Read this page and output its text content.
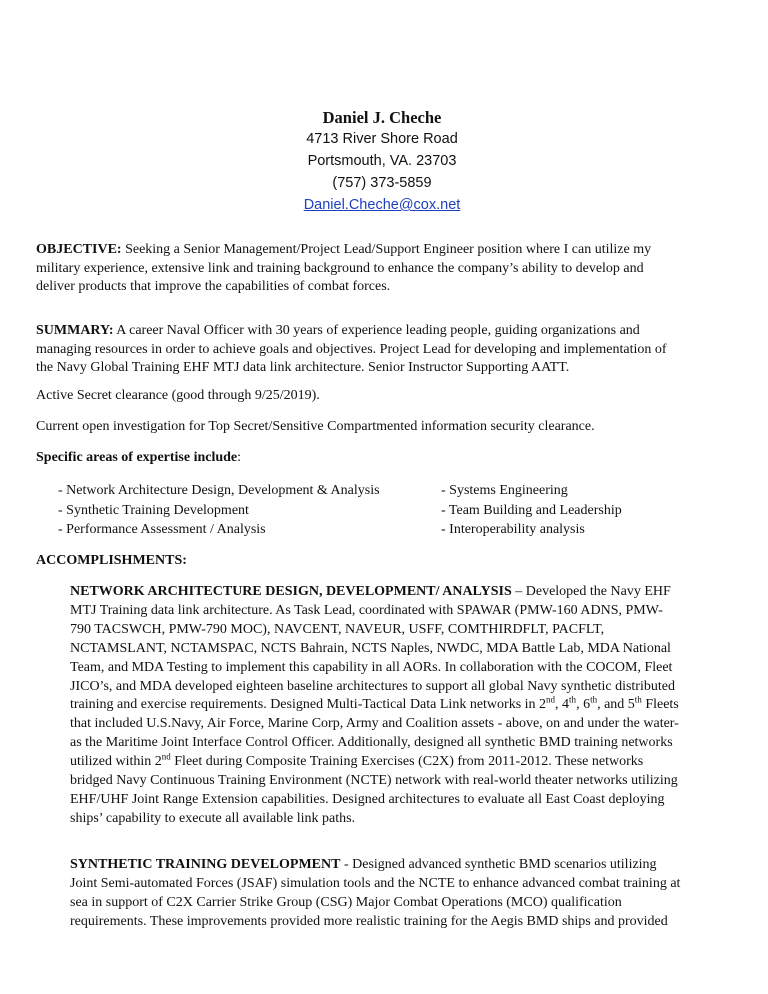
Daniel J. Cheche
4713 River Shore Road
Portsmouth, VA. 23703
(757) 373-5859
Daniel.Cheche@cox.net
OBJECTIVE: Seeking a Senior Management/Project Lead/Support Engineer position where I can utilize my
military experience, extensive link and training background to enhance the company’s ability to develop and
deliver products that improve the capabilities of combat forces.
SUMMARY: A career Naval Officer with 30 years of experience leading people, guiding organizations and
managing resources in order to achieve goals and objectives. Project Lead for developing and implementation of
the Navy Global Training EHF MTJ data link architecture. Senior Instructor Supporting AATT.
Active Secret clearance (good through 9/25/2019).
Current open investigation for Top Secret/Sensitive Compartmented information security clearance.
Specific areas of expertise include:
- Network Architecture Design, Development & Analysis	- Systems Engineering
- Synthetic Training Development	- Team Building and Leadership
- Performance Assessment / Analysis	- Interoperability analysis
ACCOMPLISHMENTS:
NETWORK ARCHITECTURE DESIGN, DEVELOPMENT/ ANALYSIS – Developed the Navy EHF
MTJ Training data link architecture. As Task Lead, coordinated with SPAWAR (PMW-160 ADNS, PMW-
790 TACSWCH, PMW-790 MOC), NAVCENT, NAVEUR, USFF, COMTHIRDFLT, PACFLT,
NCTAMSLANT, NCTAMSPAC, NCTS Bahrain, NCTS Naples, NWDC, MDA Battle Lab, MDA National
Team, and MDA Testing to implement this capability in all AORs. In collaboration with the COCOM, Fleet
JICO’s, and MDA developed eighteen baseline architectures to support all global Navy synthetic distributed
training and exercise requirements. Designed Multi-Tactical Data Link networks in 2nd, 4th, 6th, and 5th Fleets
that included U.S.Navy, Air Force, Marine Corp, Army and Coalition assets - above, on and under the water-
as the Maritime Joint Interface Control Officer. Additionally, designed all synthetic BMD training networks
utilized within 2nd Fleet during Composite Training Exercises (C2X) from 2011-2012. These networks
bridged Navy Continuous Training Environment (NCTE) network with real-world theater networks utilizing
EHF/UHF Joint Range Extension capabilities. Designed architectures to evaluate all East Coast deploying
ships’ capability to execute all available link paths.
SYNTHETIC TRAINING DEVELOPMENT - Designed advanced synthetic BMD scenarios utilizing
Joint Semi-automated Forces (JSAF) simulation tools and the NCTE to enhance advanced combat training at
sea in support of C2X Carrier Strike Group (CSG) Major Combat Operations (MCO) qualification
requirements. These improvements provided more realistic training for the Aegis BMD ships and provided
